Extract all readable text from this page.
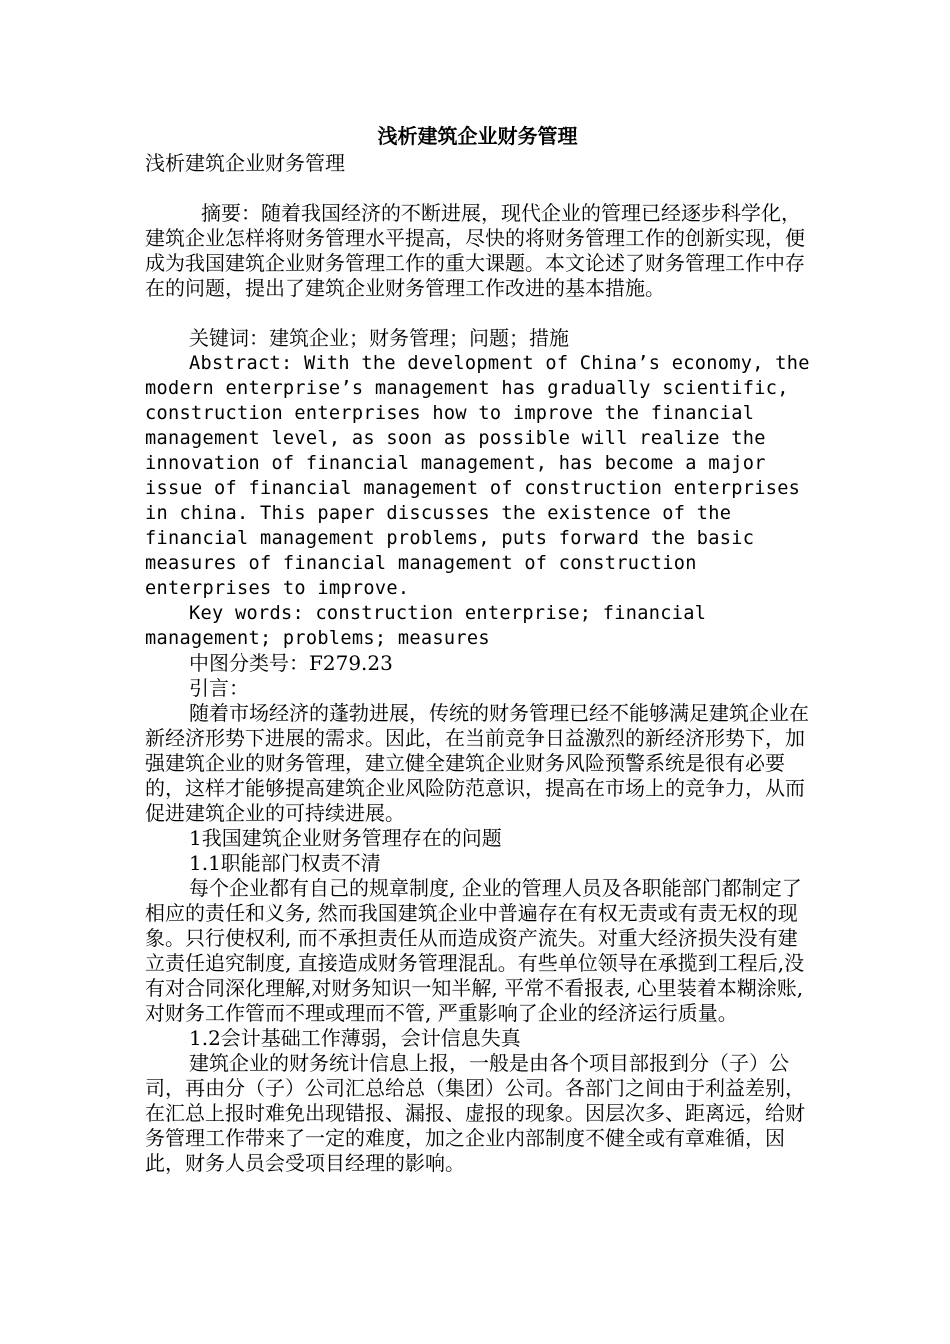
浅析建筑企业财务管理

浅析建筑企业财务管理

摘要：随着我国经济的不断进展，现代企业的管理已经逐步科学化，建筑企业怎样将财务管理水平提高，尽快的将财务管理工作的创新实现，便成为我国建筑企业财务管理工作的重大课题。本文论述了财务管理工作中存在的问题，提出了建筑企业财务管理工作改进的基本措施。

关键词：建筑企业；财务管理；问题；措施

Abstract: With the development of China’s economy, the modern enterprise’s management has gradually scientific, construction enterprises how to improve the financial management level, as soon as possible will realize the innovation of financial management, has become a major issue of financial management of construction enterprises in china. This paper discusses the existence of the financial management problems, puts forward the basic measures of financial management of construction enterprises to improve.

Key words: construction enterprise; financial management; problems; measures

中图分类号：F279.23

引言：

随着市场经济的蓬勃进展，传统的财务管理已经不能够满足建筑企业在新经济形势下进展的需求。因此，在当前竞争日益激烈的新经济形势下，加强建筑企业的财务管理，建立健全建筑企业财务风险预警系统是很有必要的，这样才能够提高建筑企业风险防范意识，提高在市场上的竞争力，从而促进建筑企业的可持续进展。

1我国建筑企业财务管理存在的问题

1.1职能部门权责不清

每个企业都有自己的规章制度, 企业的管理人员及各职能部门都制定了相应的责任和义务, 然而我国建筑企业中普遍存在有权无责或有责无权的现象。只行使权利, 而不承担责任从而造成资产流失。对重大经济损失没有建立责任追究制度, 直接造成财务管理混乱。有些单位领导在承揽到工程后,没有对合同深化理解,对财务知识一知半解, 平常不看报表, 心里装着本糊涂账, 对财务工作管而不理或理而不管, 严重影响了企业的经济运行质量。

1.2会计基础工作薄弱，会计信息失真

建筑企业的财务统计信息上报，一般是由各个项目部报到分（子）公司，再由分（子）公司汇总给总（集团）公司。各部门之间由于利益差别，在汇总上报时难免出现错报、漏报、虚报的现象。因层次多、距离远，给财务管理工作带来了一定的难度，加之企业内部制度不健全或有章难循，因此，财务人员会受项目经理的影响。
